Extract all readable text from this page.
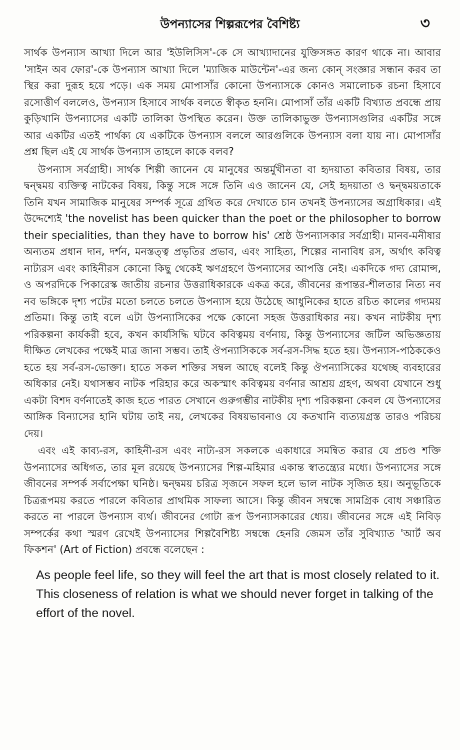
উপন্যাসের শিল্পরূপের বৈশিষ্ট্য	৩

সার্থক উপন্যাস আখ্যা দিলে আর 'ইউলিসিস'-কে সে আখ্যাদানের যুক্তিসঙ্গত কারণ থাকে না। আবার 'সাইন অব ফোর'-কে উপন্যাস আখ্যা দিলে 'ম্যাজিক মাউন্টেন'-এর জন্য কোন্ সংজ্ঞার সন্ধান করব তা স্থির করা দুরূহ হয়ে পড়ে। এক সময় মোপাসাঁর কোনো উপন্যাসকে কোনও সমালোচক রচনা হিসাবে রসোত্তীর্ণ বললেও, উপন্যাস হিসাবে সার্থক বলতে স্বীকৃত হননি। মোপাসাঁ তাঁর একটি বিখ্যাত প্রবন্ধে প্রায় কুড়িখানি উপন্যাসের একটি তালিকা উপস্থিত করেন। উক্ত তালিকাভুক্ত উপন্যাসগুলির একটির সঙ্গে আর একটির এতই পার্থক্য যে একটিকে উপন্যাস বললে আরগুলিকে উপন্যাস বলা যায় না। মোপাসাঁর প্রশ্ন ছিল এই যে সার্থক উপন্যাস তাহলে কাকে বলব?

উপন্যাস সর্বগ্রাহী। সার্থক শিল্পী জানেন যে মানুষের অন্তর্মুখীনতা বা হৃদয়াতা কবিতার বিষয়, তার দ্বন্দ্বময় ব্যক্তিত্ব নাটকের বিষয়, কিন্তু সঙ্গে সঙ্গে তিনি এও জানেন যে, সেই হৃদয়াতা ও দ্বন্দ্বময়তাকে তিনি যখন সামাজিক মানুষের সম্পর্ক সূত্রে গ্রথিত করে দেখাতে চান তখনই উপন্যাসের অগ্রাধিকার। এই উদ্দেশ্যেই 'the novelist has been quicker than the poet or the philosopher to borrow their specialities, than they have to borrow his' শ্রেষ্ঠ উপন্যাসকার সর্বগ্রাহী। মানব-মনীষার অন্যতম প্রধান দান, দর্শন, মনস্তত্ত্ব প্রভৃতির প্রভাব, এবং সাহিত্য, শিল্পের নানাবিধ রস, অর্থাৎ কবিত্ব নাট্যরস এবং কাহিনীরস কোনো কিছু থেকেই ঋণগ্রহণে উপন্যাসের আপত্তি নেই। একদিকে গদ্য রোমান্স, ও অপরদিকে পিকারেস্ক জাতীয় রচনার উত্তরাধিকারকে একত্র করে, জীবনের রূপান্তর-শীলতার নিত্য নব নব ভঙ্গিকে দৃশ্য পটের মতো চলতে চলতে উপন্যাস হয়ে উঠেছে আধুনিকের হাতে রচিত কালের গদ্যময় প্রতিমা। কিন্তু তাই বলে এটা উপন্যাসিকের পক্ষে কোনো সহজ উত্তরাধিকার নয়। কখন নাটকীয় দৃশ্য পরিকল্পনা কার্যকরী হবে, কখন কার্যসিদ্ধি ঘটবে কবিত্বময় বর্ণনায়, কিন্তু উপন্যাসের জটিল অভিজ্ঞতায় দীক্ষিত লেখকের পক্ষেই মাত্র জানা সম্ভব। তাই ঔপন্যাসিককে সর্ব-রস-সিদ্ধ হতে হয়। উপন্যাস-পাঠককেও হতে হয় সর্ব-রস-ভোক্তা। হাতে সকল শক্তির সম্বল আছে বলেই কিন্তু ঔপন্যাসিকের যথেচ্ছ ব্যবহারের অধিকার নেই। যথাসম্ভব নাটক পরিহার করে অকস্মাৎ কবিত্বময় বর্ণনার আশ্রয় গ্রহণ, অথবা যেখানে শুধু একটা বিশদ বর্ণনাতেই কাজ হতে পারত সেখানে গুরুগম্ভীর নাটকীয় দৃশ্য পরিকল্পনা কেবল যে উপন্যাসের আঙ্গিক বিন্যাসের হানি ঘটায় তাই নয়, লেখকের বিষয়ভাবনাও যে কতখানি ব্যত্যয়গ্রস্ত তারও পরিচয় দেয়।

এবং এই কাব্য-রস, কাহিনী-রস এবং নাট্য-রস সকলকে একাধারে সমন্বিত করার যে প্রচণ্ড শক্তি উপন্যাসের অধিগত, তার মূল রয়েছে উপন্যাসের শিল্প-মহিমার একান্ত স্বাতন্ত্র্যের মধ্যে। উপন্যাসের সঙ্গে জীবনের সম্পর্ক সর্বাপেক্ষা ঘনিষ্ঠ। দ্বন্দ্বময় চরিত্র সৃজনে সফল হলে ভাল নাটক সৃজিত হয়। অনুভূতিকে চিত্ররূপময় করতে পারলে কবিতার প্রাথমিক সাফল্য আসে। কিন্তু জীবন সম্বন্ধে সামগ্রিক বোধ সঞ্চারিত করতে না পারলে উপন্যাস ব্যর্থ। জীবনের গোটা রূপ উপন্যাসকারের ধ্যেয়। জীবনের সঙ্গে এই নিবিড় সম্পর্কের কথা স্মরণ রেখেই উপন্যাসের শিল্পবৈশিষ্ট্য সম্বন্ধে হেনরি জেমস তাঁর সুবিখ্যাত 'আর্ট অব ফিকশন' (Art of Fiction) প্রবন্ধে বলেছেন :

As people feel life, so they will feel the art that is most closely related to it. This closeness of relation is what we should never forget in talking of the effort of the novel.
